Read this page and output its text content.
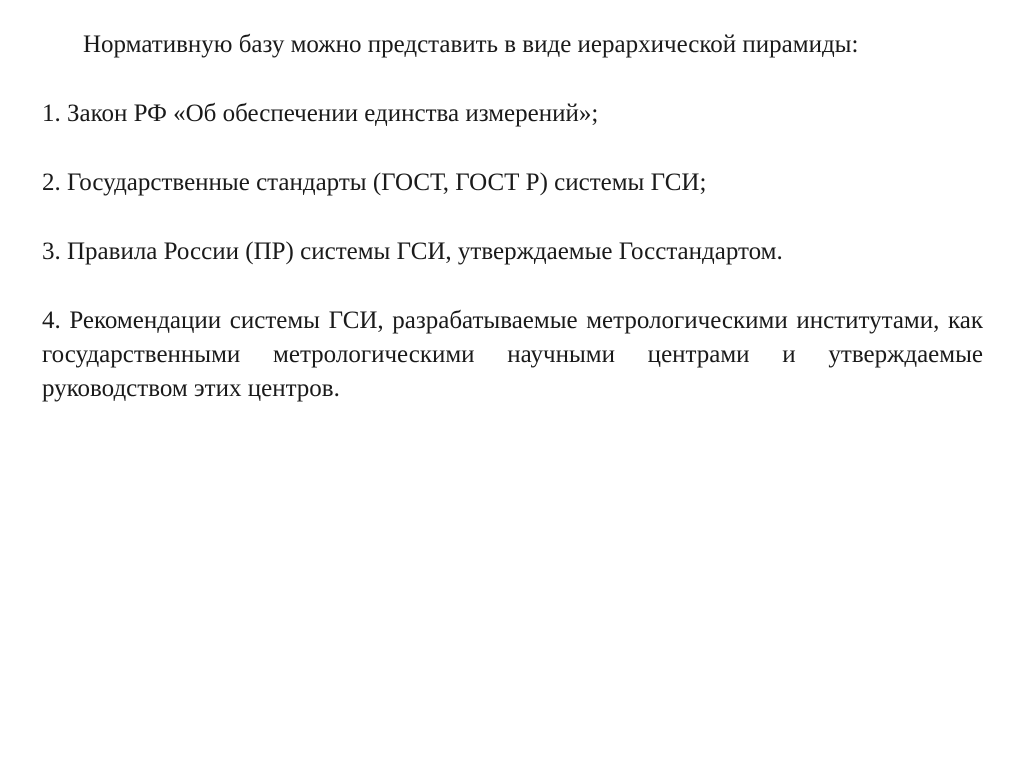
Нормативную базу можно представить в виде иерархической пирамиды:

1. Закон РФ «Об обеспечении единства измерений»;

2. Государственные стандарты (ГОСТ, ГОСТ Р) системы ГСИ;

3. Правила России (ПР) системы ГСИ, утверждаемые Госстандартом.

4. Рекомендации системы ГСИ, разрабатываемые метрологическими институтами, как государственными метрологическими научными центрами и утверждаемые руководством этих центров.
